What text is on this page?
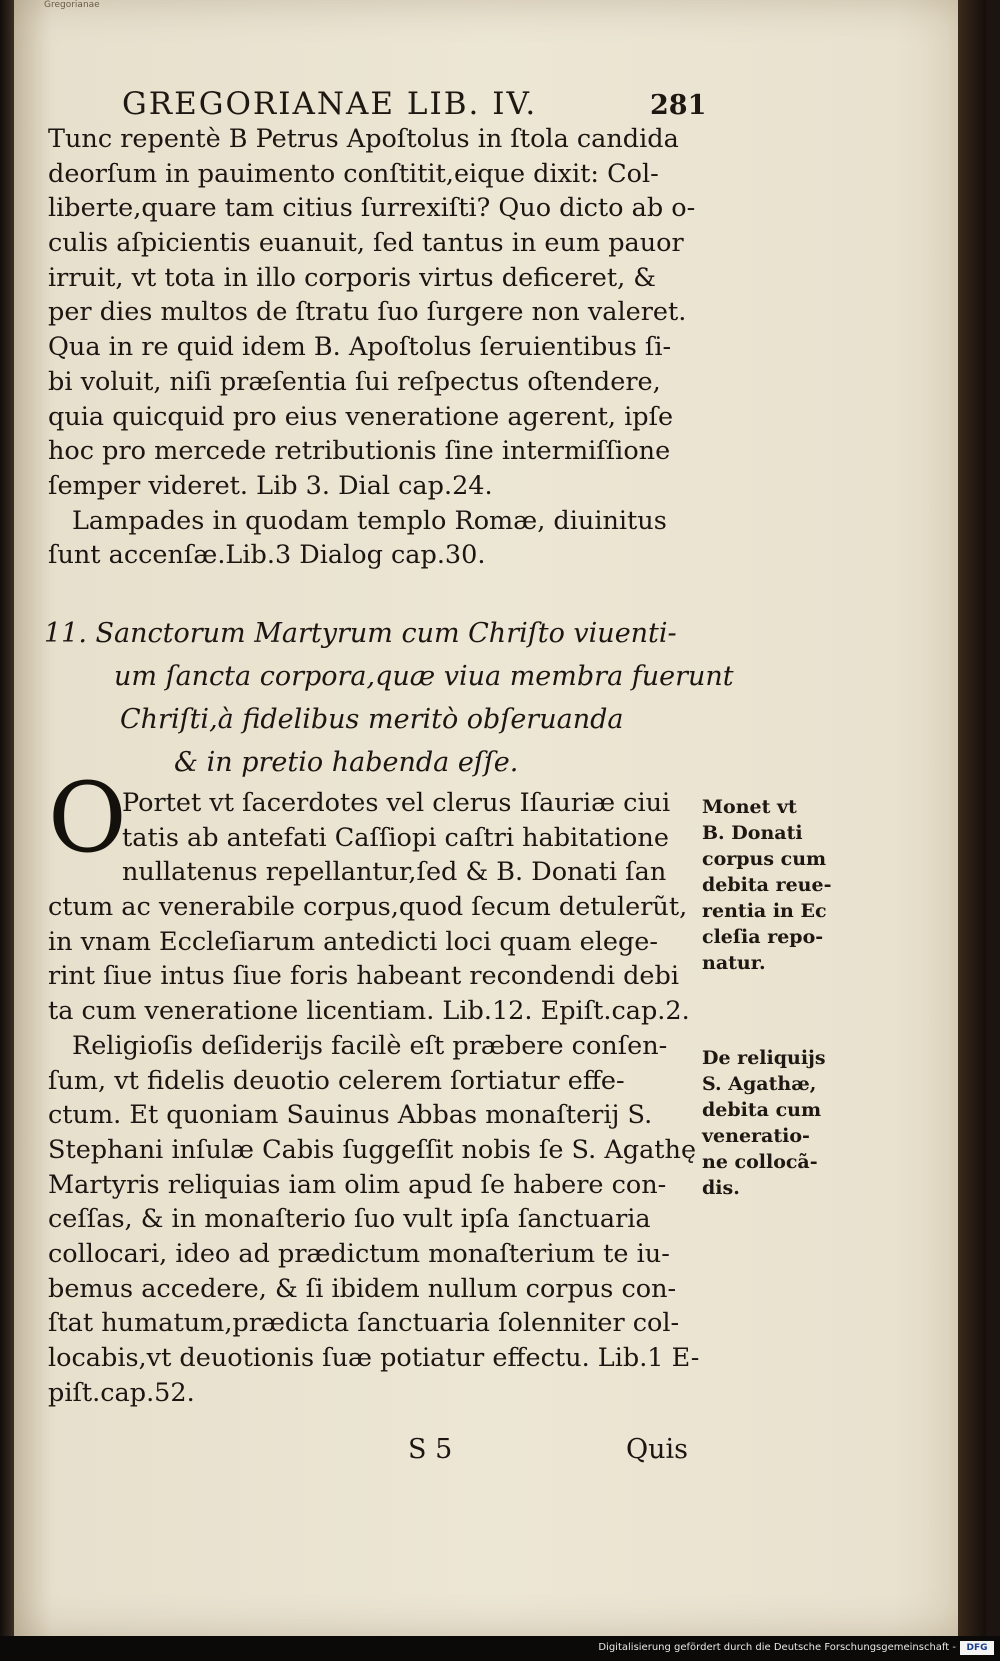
Gregorianae
GREGORIANAE LIB. IV.	281
Tunc repentè B Petrus Apoſtolus in ſtola candida
deorſum in pauimento conſtitit,eique dixit: Col-
liberte,quare tam citius ſurrexiſti? Quo dicto ab o-
culis aſpicientis euanuit, ſed tantus in eum pauor
irruit, vt tota in illo corporis virtus deficeret, &
per dies multos de ſtratu ſuo ſurgere non valeret.
Qua in re quid idem B. Apoſtolus ſeruientibus ſi-
bi voluit, niſi præſentia ſui reſpectus oſtendere,
quia quicquid pro eius veneratione agerent, ipſe
hoc pro mercede retributionis ſine intermiſſione
ſemper videret. Lib 3. Dial cap.24.
Lampades in quodam templo Romæ, diuinitus
ſunt accenſæ.Lib.3 Dialog cap.30.
11. Sanctorum Martyrum cum Chriſto viuenti-
um ſancta corpora,quæ viua membra fuerunt
Chriſti,à fidelibus meritò obſeruanda
& in pretio habenda eſſe.
O
Portet vt ſacerdotes vel clerus Iſauriæ ciui
tatis ab antefati Caſſiopi caſtri habitatione
nullatenus repellantur,ſed & B. Donati ſan
ctum ac venerabile corpus,quod ſecum detulerũt,
in vnam Eccleſiarum antedicti loci quam elege-
rint ſiue intus ſiue foris habeant recondendi debi
ta cum veneratione licentiam. Lib.12. Epiſt.cap.2.
Religioſis deſiderijs facilè eſt præbere conſen-
ſum, vt fidelis deuotio celerem ſortiatur effe-
ctum. Et quoniam Sauinus Abbas monaſterij S.
Stephani inſulæ Cabis ſuggeſſit nobis ſe S. Agathę
Martyris reliquias iam olim apud ſe habere con-
ceſſas, & in monaſterio ſuo vult ipſa ſanctuaria
collocari, ideo ad prædictum monaſterium te iu-
bemus accedere, & ſi ibidem nullum corpus con-
ſtat humatum,prædicta ſanctuaria ſolenniter col-
locabis,vt deuotionis ſuæ potiatur effectu. Lib.1 E-
piſt.cap.52.
Monet vt
B. Donati
corpus cum
debita reue-
rentia in Ec
cleſia repo-
natur.
De reliquijs
S. Agathæ,
debita cum
veneratio-
ne collocã-
dis.
S 5	Quis
Digitalisierung gefördert durch die Deutsche Forschungsgemeinschaft -	DFG
